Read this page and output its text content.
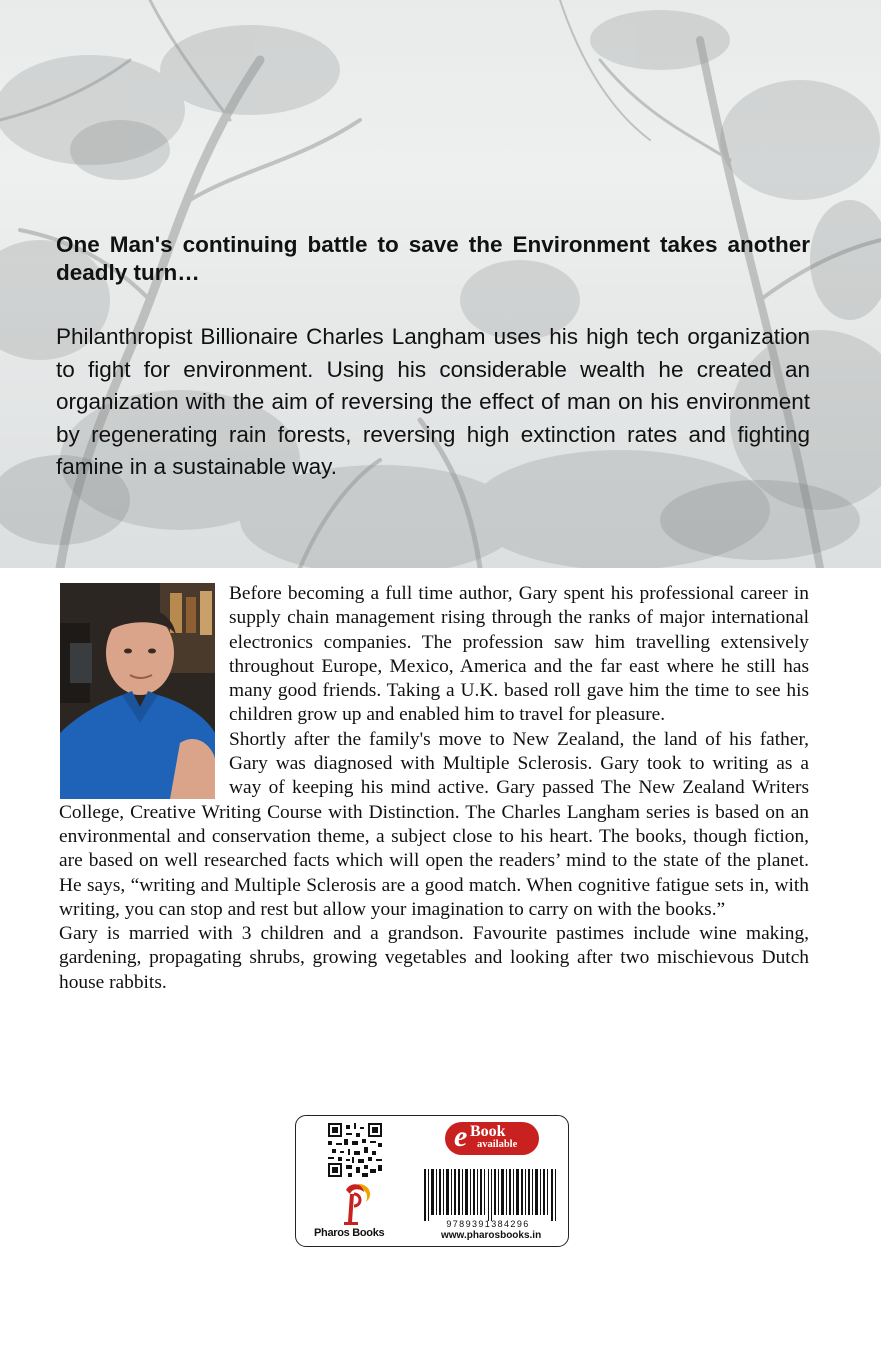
One Man's continuing battle to save the Environment takes another deadly turn…
Philanthropist Billionaire Charles Langham uses his high tech organization to fight for environment. Using his considerable wealth he created an organization with the aim of reversing the effect of man on his environment by regenerating rain forests, reversing high extinction rates and fighting famine in a sustainable way.

Before becoming a full time author, Gary spent his professional career in supply chain management rising through the ranks of major international electronics companies. The profession saw him travelling extensively throughout Europe, Mexico, America and the far east where he still has many good friends. Taking a U.K. based roll gave him the time to see his children grow up and enabled him to travel for pleasure.

Shortly after the family's move to New Zealand, the land of his father, Gary was diagnosed with Multiple Sclerosis. Gary took to writing as a way of keeping his mind active. Gary passed The New Zealand Writers College, Creative Writing Course with Distinction. The Charles Langham series is based on an environmental and conservation theme, a subject close to his heart. The books, though fiction, are based on well researched facts which will open the readers’ mind to the state of the planet. He says, “writing and Multiple Sclerosis are a good match. When cognitive fatigue sets in, with writing, you can stop and rest but allow your imagination to carry on with the books.”

Gary is married with 3 children and a grandson. Favourite pastimes include wine making, gardening, propagating shrubs, growing vegetables and looking after two mischievous Dutch house rabbits.

e Book
available
Pharos Books
9789391384296
www.pharosbooks.in
